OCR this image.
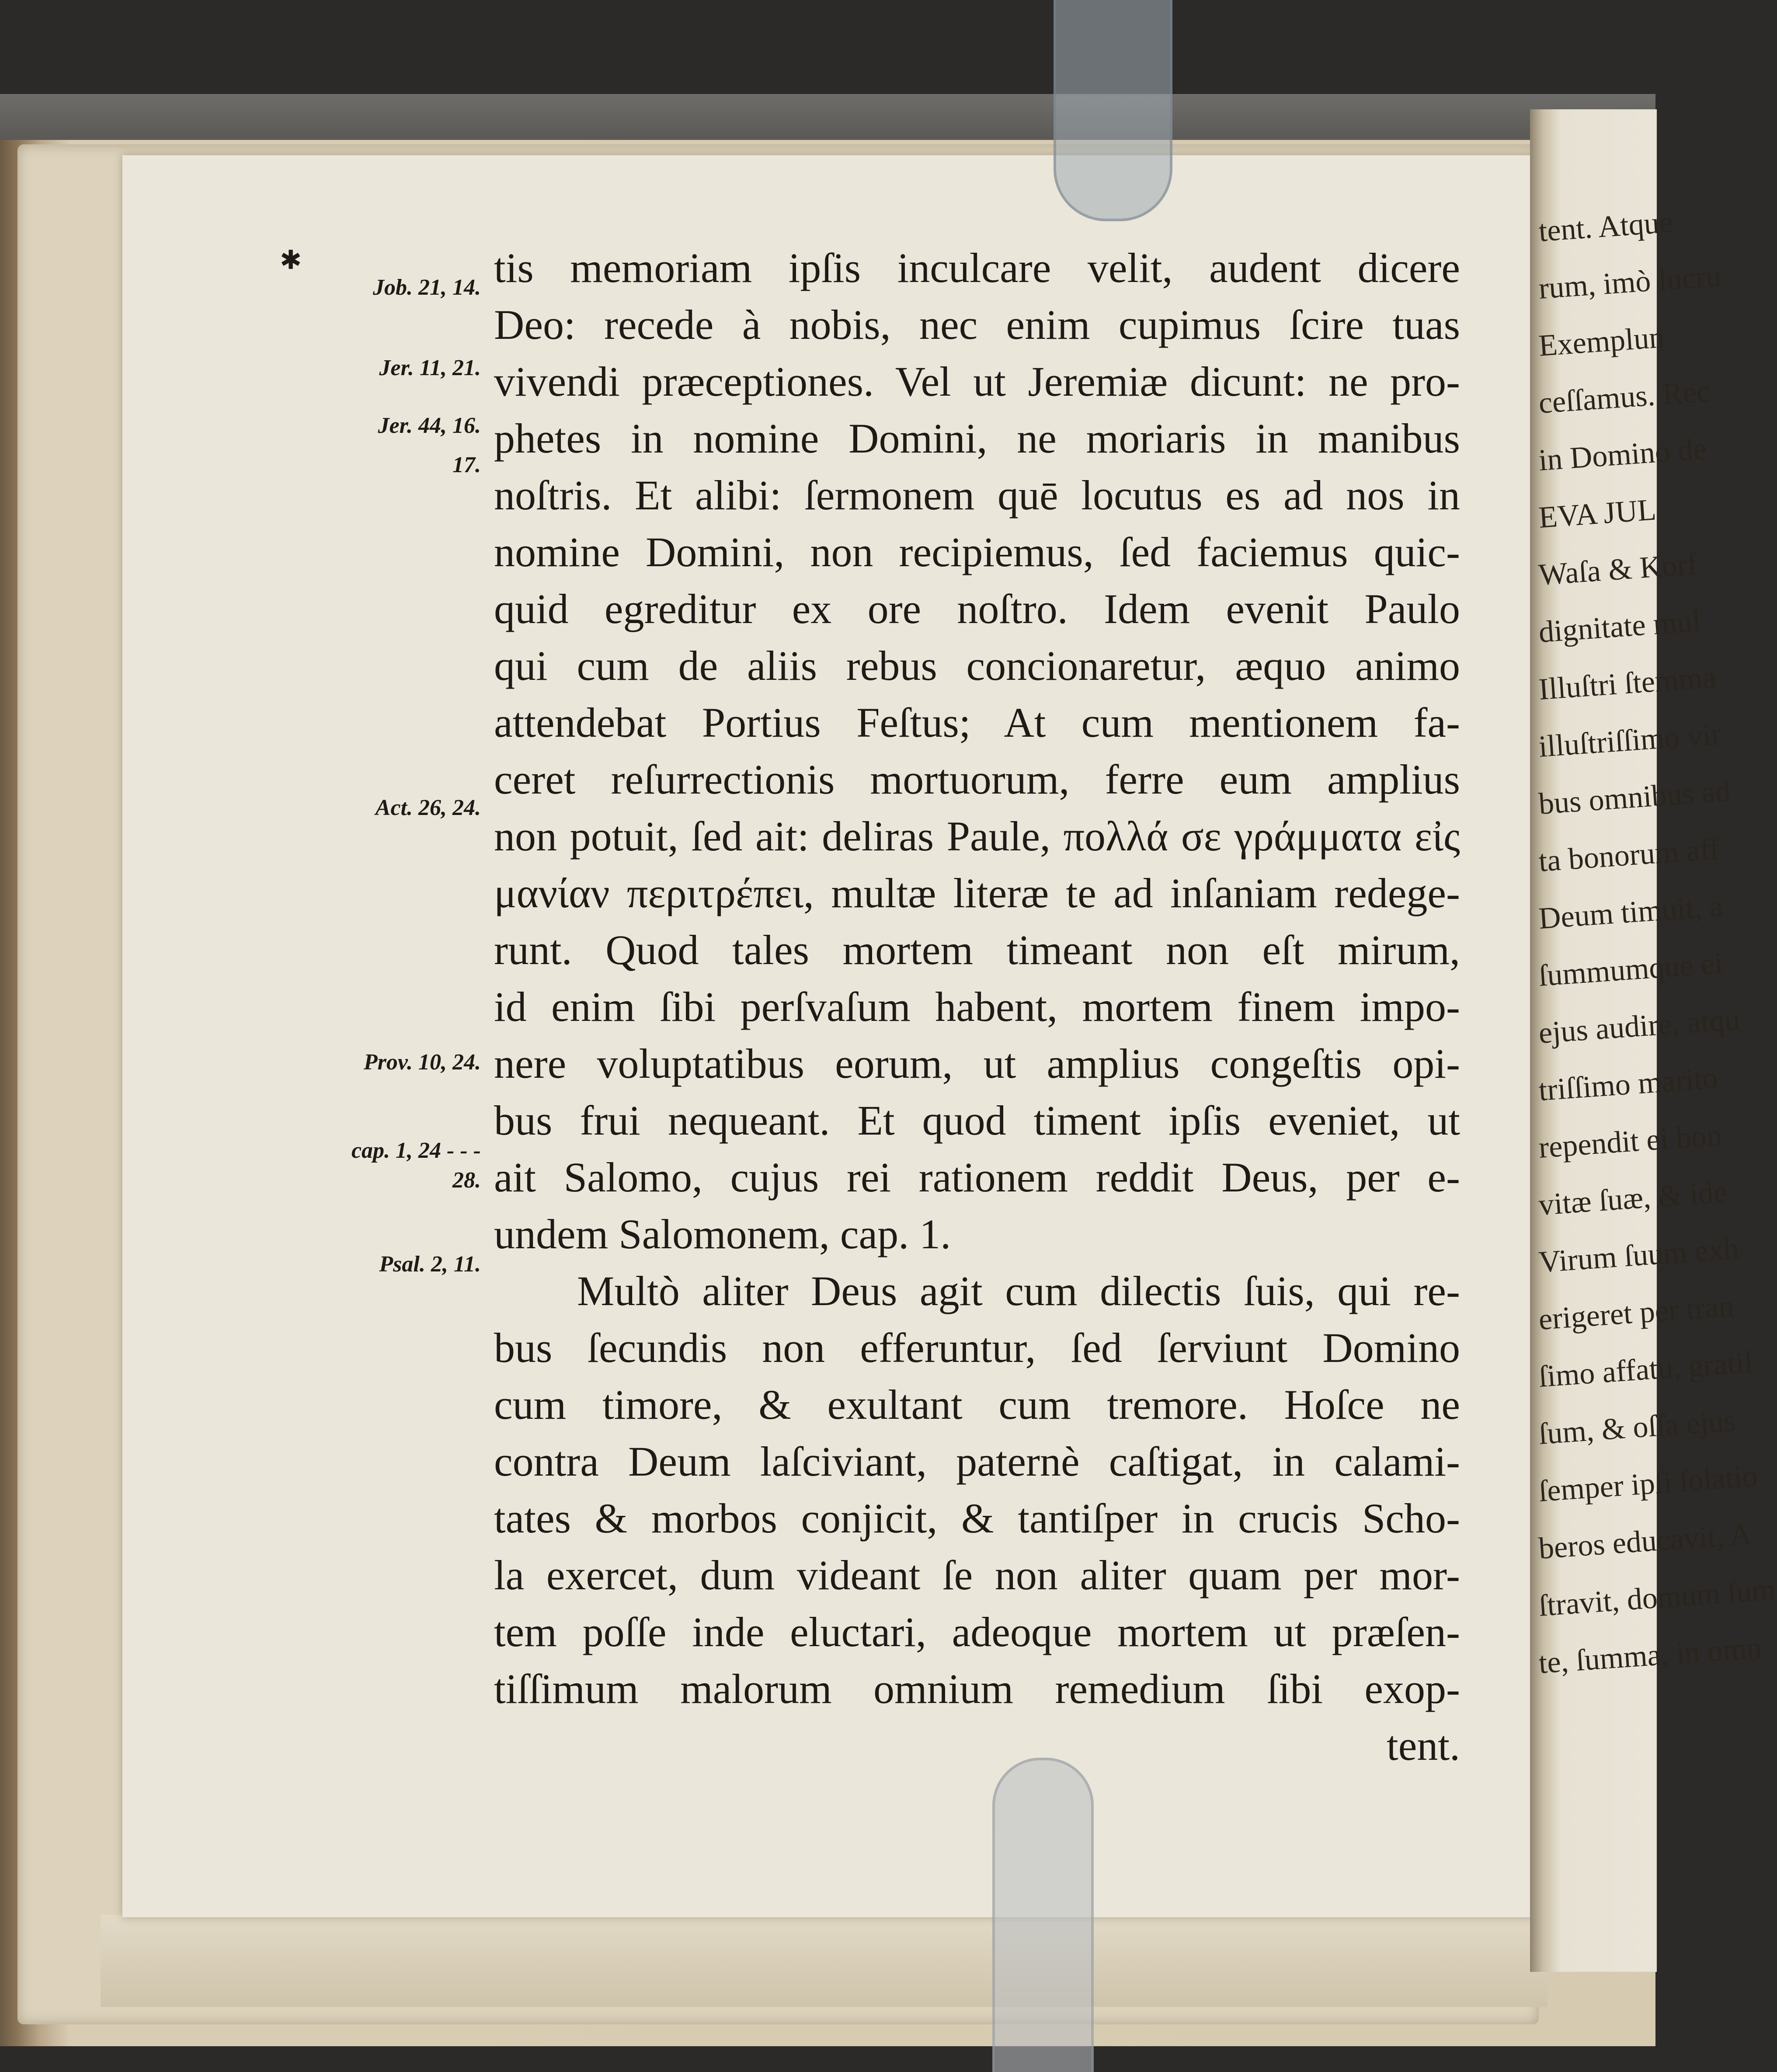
tent. Atque
rum, imò lucru
Exemplun
ceſſamus. Rec
in Domino de
EVA JUL
Waſa & Korf
dignitate mul
Illuſtri ſtemma
illuſtriſſimo vir
bus omnibus ad
ta bonorum aff
Deum timuit, a
ſummumque ei
ejus audire, atqu
triſſimo marito
rependit ei bon
vitæ ſuæ, & ide
Virum ſuum exh
erigeret per tran
ſimo affatu, gratil
ſum, & oſſa ejus
ſemper ipſi ſolatio
beros educavit, A
ſtravit, domum ſum
te, ſumma, in omn
✱	tis memoriam ipſis inculcare velit, audent dicere
Deo: recede à nobis, nec enim cupimus ſcire tuas
vivendi præceptiones. Vel ut Jeremiæ dicunt: ne pro-
phetes in nomine Domini, ne moriaris in manibus
noſtris. Et alibi: ſermonem quē locutus es ad nos in
nomine Domini, non recipiemus, ſed faciemus quic-
quid egreditur ex ore noſtro. Idem evenit Paulo
qui cum de aliis rebus concionaretur, æquo animo
attendebat Portius Feſtus; At cum mentionem fa-
ceret reſurrectionis mortuorum, ferre eum amplius
non potuit, ſed ait: deliras Paule, πολλά σε γράμματα εἰς
μανίαν περιτρέπει, multæ literæ te ad inſaniam redege-
runt. Quod tales mortem timeant non eſt mirum,
id enim ſibi perſvaſum habent, mortem finem impo-
nere voluptatibus eorum, ut amplius congeſtis opi-
bus frui nequeant. Et quod timent ipſis eveniet, ut
ait Salomo, cujus rei rationem reddit Deus, per e-
undem Salomonem, cap. 1.
Multò aliter Deus agit cum dilectis ſuis, qui re-
bus ſecundis non efferuntur, ſed ſerviunt Domino
cum timore, & exultant cum tremore. Hoſce ne
contra Deum laſciviant, paternè caſtigat, in calami-
tates & morbos conjicit, & tantiſper in crucis Scho-
la exercet, dum videant ſe non aliter quam per mor-
tem poſſe inde eluctari, adeoque mortem ut præſen-
tiſſimum malorum omnium remedium ſibi exop-
tent.
Job. 21, 14.
Jer. 11, 21.
Jer. 44, 16.
17.
Act. 26, 24.
Prov. 10, 24.
cap. 1, 24 - - -
28.
Psal. 2, 11.
